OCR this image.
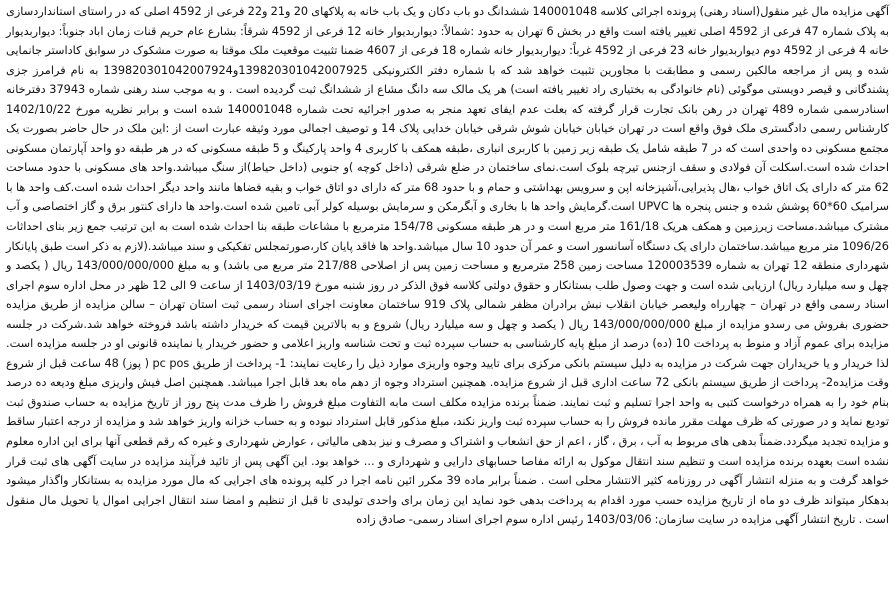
آگهی مزایده مال غیر منقول(اسناد رهنی) پرونده اجرائی کلاسه 140001048 ششدانگ دو باب دکان و یک باب خانه به پلاکهای 20 و21 و22 فرعی از 4592 اصلی که در راستای استانداردسازی به پلاک شماره 47 فرعی از 4592 اصلی تغییر یافته است واقع در بخش 6 تهران به حدود :شمالاً: دیواربدیوار خانه 12 فرعی از 4592 شرقاً: بشارع عام حریم قنات زمان اباد جنوباً: دیواربدیوار خانه 4 فرعی از 4592 دوم دیواربدیوار خانه 23 فرعی از 4592 غرباً: دیواربدیوار خانه شماره 18 فرعی از 4607 ضمنا تثبیت موقعیت ملک موقتا به صورت مشکوک در سوابق کاداستر جانمایی شده و پس از مراجعه مالکین رسمی و مطابقت با مجاورین تثبیت خواهد شد که با شماره دفتر الکترونیکی 139820301042007925و139820301042007924 به نام فرامرز جزی پشندگانی و قیصر دویستی موگوئی (نام خانوادگی به بختیاری راد تغییر یافته است) هر یک مالک سه دانگ مشاع از ششدانگ ثبت گردیده است . و به موجب سند رهنی شماره 37943 دفترخانه اسنادرسمی شماره 489 تهران در رهن بانک تجارت قرار گرفته که بعلت عدم ایفای تعهد منجر به صدور اجرائیه تحت شماره 140001048 شده است و برابر نظریه مورخ 1402/10/22 کارشناس رسمی دادگستری ملک فوق واقع است در تهران خیابان خیابان شوش شرقی خیابان خدایی پلاک 14 و توصیف اجمالی مورد وثیقه عبارت است از :این ملک در حال حاضر بصورت یک مجتمع مسکونی ده واحدی است که در 7 طبقه شامل یک طبقه زیر زمین با کاربری انباری ،طبقه همکف با کاربری 4 واحد پارکینگ و 5 طبقه مسکونی که در هر طبقه دو واحد آپارتمان مسکونی احداث شده است.اسکلت آن فولادی و سقف ازجنس تیرچه بلوک است.نمای ساختمان در ضلع شرقی (داخل کوچه )و جنوبی (داخل حیاط)از سنگ میباشد.واحد های مسکونی با حدود مساحت 62 متر که دارای یک اتاق خواب ،هال پذیرایی،آشپزخانه اپن و سرویس بهداشتی و حمام و با حدود 68 متر که دارای دو اتاق خواب و بقیه فضاها مانند واحد دیگر احداث شده است.کف واحد ها با سرامیک 60*60 پوشش شده و جنس پنجره ها UPVC است.گرمایش واحد ها با بخاری و آبگرمکن و سرمایش بوسیله کولر آبی تامین شده است.واحد ها دارای کنتور برق و گاز اختصاصی و آب مشترک میباشد.مساحت زیرزمین و همکف هریک 161/18 متر مربع است و در هر طبقه مسکونی 154/78 مترمربع با مشاعات طبقه بنا احداث شده است به این ترتیب جمع زیر بنای احداثات 1096/26 متر مربع میباشد.ساختمان دارای یک دستگاه آسانسور است و عمر آن حدود 10 سال میباشد.واحد ها فاقد پایان کار،صورتمجلس تفکیکی و سند میباشد.(لازم به ذکر است طبق پایانکار شهرداری منطقه 12 تهران به شماره 120003539 مساحت زمین 258 مترمربع و مساحت زمین پس از اصلاحی 217/88 متر مربع می باشد) و به مبلغ 143/000/000/000 ریال ( یکصد و چهل و سه میلیارد ریال) ارزیابی شده است و جهت وصول طلب بستانکار و حقوق دولتی کلاسه فوق الذکر در روز شنبه مورخ 1403/03/19 از ساعت 9 الی 12 ظهر در محل اداره سوم اجرای اسناد رسمی واقع در تهران – چهارراه ولیعصر خیابان انقلاب نبش برادران مظفر شمالی پلاک 919 ساختمان معاونت اجرای اسناد رسمی ثبت استان تهران – سالن مزایده از طریق مزایده حضوری بفروش می رسدو مزایده از مبلغ 143/000/000/000 ریال ( یکصد و چهل و سه میلیارد ریال) شروع و به بالاترین قیمت که خریدار داشته باشد فروخته خواهد شد.شرکت در جلسه مزایده برای عموم آزاد و منوط به پرداخت 10 (ده) درصد از مبلغ پایه کارشناسی به حساب سپرده ثبت و تحت شناسه واریز اعلامی و حضور خریدار یا نماینده قانونی او در جلسه مزایده است. لذا خریدار و یا خریداران جهت شرکت در مزایده به دلیل سیستم بانکی مرکزی برای تایید وجوه واریزی موارد ذیل را رعایت نمایند: 1- پرداخت از طریق pc pos ( پوز) 48 ساعت قبل از شروع وقت مزایده2- پرداخت از طریق سیستم بانکی 72 ساعت اداری قبل از شروع مزایده. همچنین استرداد وجوه از دهم ماه بعد قابل اجرا میباشد. همچنین اصل فیش واریزی مبلغ ودیعه ده درصد بنام خود را به همراه درخواست کتبی به واحد اجرا تسلیم و ثبت نمایند. ضمناً برنده مزایده مکلف است مابه التفاوت مبلغ فروش را ظرف مدت پنج روز از تاریخ مزایده به حساب صندوق ثبت تودیع نماید و در صورتی که ظرف مهلت مقرر مانده فروش را به حساب سپرده ثبت واریز نکند، مبلغ مذکور قابل استرداد نبوده و به حساب خزانه واریز خواهد شد و مزایده از درجه اعتبار ساقط و مزایده تجدید میگردد.ضمناً بدهی های مربوط به آب ، برق ، گاز ، اعم از حق انشعاب و اشتراک و مصرف و نیز بدهی مالیاتی ، عوارض شهرداری و غیره که رقم قطعی آنها برای این اداره معلوم نشده است بعهده برنده مزایده است و تنظیم سند انتقال موکول به ارائه مفاصا حسابهای دارایی و شهرداری و ... خواهد بود. این آگهی پس از تائید فرآیند مزایده در سایت آگهی های ثبت قرار خواهد گرفت و به منزله انتشار آگهی در روزنامه کثیر الانتشار محلی است . ضمناً برابر ماده 39 مکرر ائین نامه اجرا در کلیه پرونده های اجرایی که مال مورد مزایده به بستانکار واگذار میشود بدهکار میتواند ظرف دو ماه از تاریخ مزایده حسب مورد اقدام به پرداخت بدهی خود نماید این زمان برای واحدی تولیدی تا قبل از تنظیم و امضا سند انتقال اجرایی اموال یا تحویل مال منقول است . تاریخ انتشار آگهی مزایده در سایت سازمان: 1403/03/06 رئیس اداره سوم اجرای اسناد رسمی- صادق زاده
